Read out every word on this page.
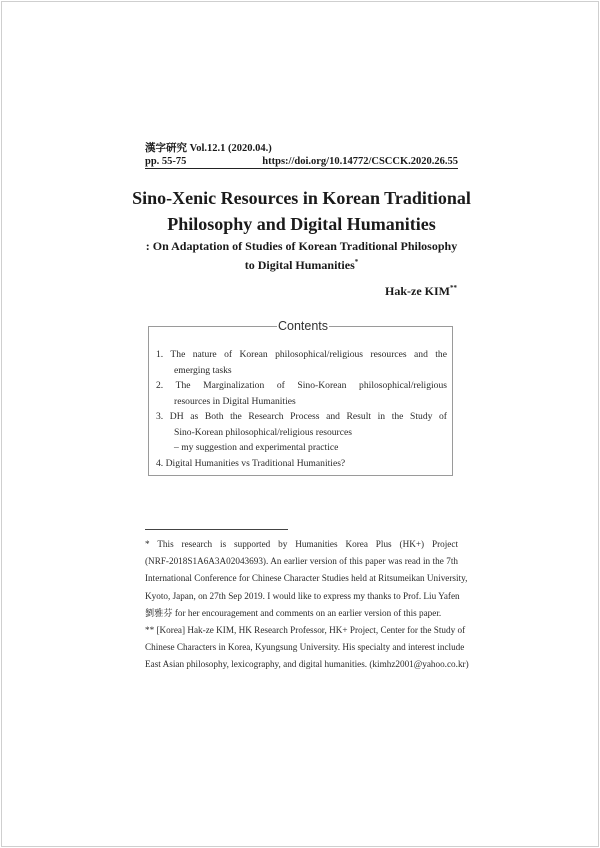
漢字硏究 Vol.12.1 (2020.04.)
pp. 55-75	https://doi.org/10.14772/CSCCK.2020.26.55
Sino-Xenic Resources in Korean Traditional
Philosophy and Digital Humanities
: On Adaptation of Studies of Korean Traditional Philosophy
to Digital Humanities*
Hak-ze KIM**
Contents
1. The nature of Korean philosophical/religious resources and the
emerging tasks
2. The Marginalization of Sino-Korean philosophical/religious
resources in Digital Humanities
3. DH as Both the Research Process and Result in the Study of
Sino-Korean philosophical/religious resources
– my suggestion and experimental practice
4. Digital Humanities vs Traditional Humanities?
* This research is supported by Humanities Korea Plus (HK+) Project
(NRF-2018S1A6A3A02043693). An earlier version of this paper was read in the 7th
International Conference for Chinese Character Studies held at Ritsumeikan University,
Kyoto, Japan, on 27th Sep 2019. I would like to express my thanks to Prof. Liu Yafen
劉雅芬 for her encouragement and comments on an earlier version of this paper.
** [Korea] Hak-ze KIM, HK Research Professor, HK+ Project, Center for the Study of
Chinese Characters in Korea, Kyungsung University. His specialty and interest include
East Asian philosophy, lexicography, and digital humanities. (kimhz2001@yahoo.co.kr)
